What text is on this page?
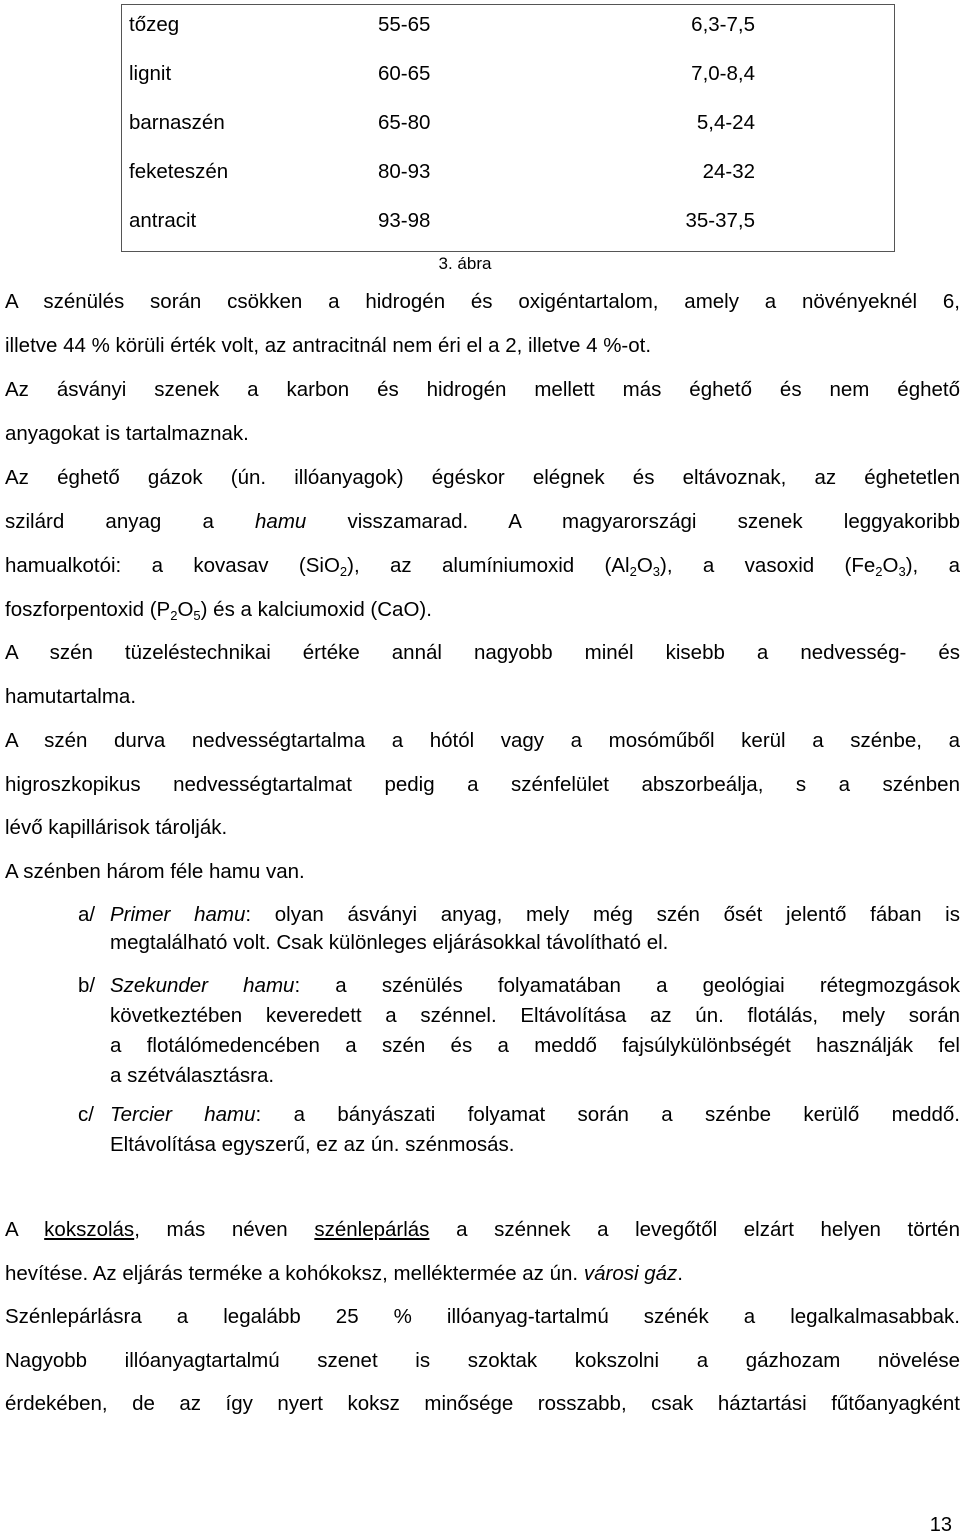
tőzeg	55-65	6,3-7,5
lignit	60-65	7,0-8,4
barnaszén	65-80	5,4-24
feketeszén	80-93	24-32
antracit	93-98	35-37,5
3. ábra
A szénülés során csökken a hidrogén és oxigéntartalom, amely a növényeknél 6,
illetve 44 % körüli érték volt, az antracitnál nem éri el a 2, illetve 4 %-ot.
Az ásványi szenek a karbon és hidrogén mellett más éghető és nem éghető
anyagokat is tartalmaznak.
Az éghető gázok (ún. illóanyagok) égéskor elégnek és eltávoznak, az éghetetlen
szilárd anyag a hamu visszamarad. A magyarországi szenek leggyakoribb
hamualkotói: a kovasav (SiO$_2$), az alumíniumoxid $(Al_2O_3)$, a vasoxid $(Fe_2O_3)$, a
foszforpentoxid $(P_2O_5)$ és a kalciumoxid (CaO).
A szén tüzeléstechnikai értéke annál nagyobb minél kisebb a nedvesség- és
hamutartalma.
A szén durva nedvességtartalma a hótól vagy a mosóműből kerül a szénbe, a
higroszkopikus nedvességtartalmat pedig a szénfelület abszorbeálja, s a szénben
lévő kapillárisok tárolják.
A szénben három féle hamu van.
a/ Primer hamu: olyan ásványi anyag, mely még szén ősét jelentő fában is
megtalálható volt. Csak különleges eljárásokkal távolítható el.
b/ Szekunder hamu: a szénülés folyamatában a geológiai rétegmozgások
következtében keveredett a szénnel. Eltávolítása az ún. flotálás, mely során
a flotálómedencében a szén és a meddő fajsúlykülönbségét használják fel
a szétválasztásra.
c/ Tercier hamu: a bányászati folyamat során a szénbe kerülő meddő.
Eltávolítása egyszerű, ez az ún. szénmosás.
A kokszolás, más néven szénlepárlás a szénnek a levegőtől elzárt helyen történ
hevítése. Az eljárás terméke a kohókoksz, melléktermée az ún. városi gáz.
Szénlepárlásra a legalább 25 % illóanyag-tartalmú szénék a legalkalmasabbak.
Nagyobb illóanyagtartalmú szenet is szoktak kokszolni a gázhozam növelése
érdekében, de az így nyert koksz minősége rosszabb, csak háztartási fűtőanyagként
13
